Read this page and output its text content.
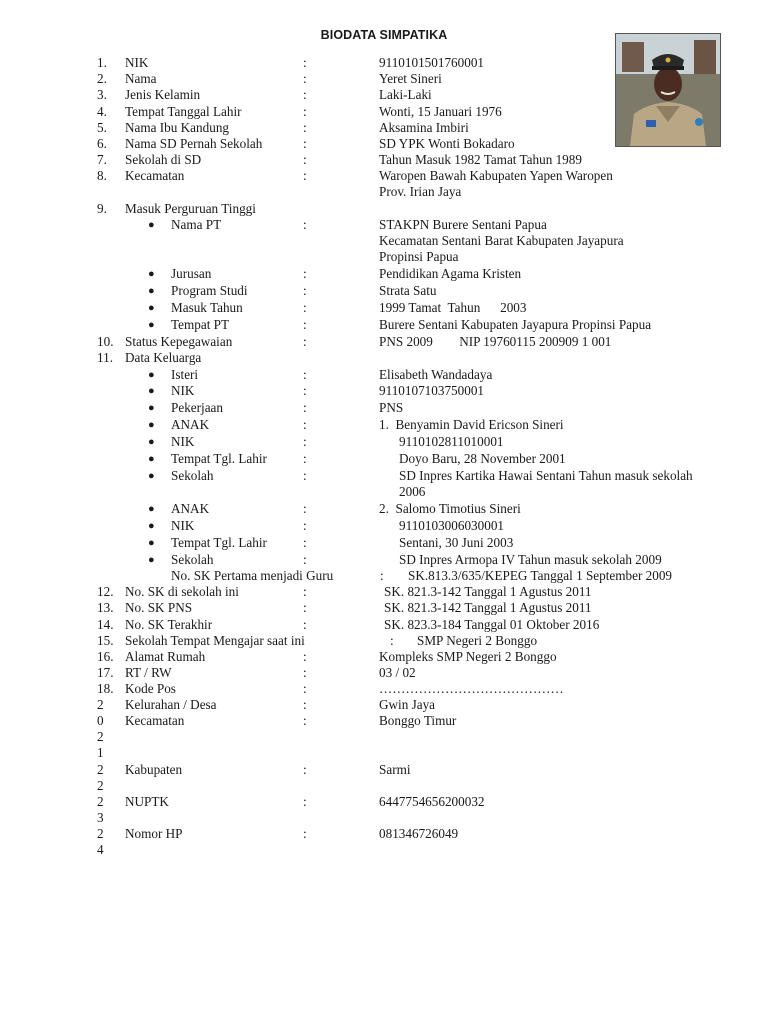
BIODATA SIMPATIKA
1. NIK	:	9110101501760001
2. Nama	:	Yeret Sineri
3. Jenis Kelamin	:	Laki-Laki
4. Tempat Tanggal Lahir	:	Wonti, 15 Januari 1976
5. Nama Ibu Kandung	:	Aksamina Imbiri
6. Nama SD Pernah Sekolah	:	SD YPK Wonti Bokadaro
7. Sekolah di SD	:	Tahun Masuk 1982 Tamat Tahun 1989
8. Kecamatan	:	Waropen Bawah Kabupaten Yapen Waropen
Prov. Irian Jaya
9. Masuk Perguruan Tinggi
● Nama PT	:	STAKPN Burere Sentani Papua
Kecamatan Sentani Barat Kabupaten Jayapura
Propinsi Papua
● Jurusan	:	Pendidikan Agama Kristen
● Program Studi	:	Strata Satu
● Masuk Tahun	:	1999 Tamat  Tahun      2003
● Tempat PT	:	Burere Sentani Kabupaten Jayapura Propinsi Papua
10. Status Kepegawaian	:	PNS 2009        NIP 19760115 200909 1 001
11. Data Keluarga
● Isteri	:	Elisabeth Wandadaya
● NIK	:	9110107103750001
● Pekerjaan	:	PNS
● ANAK	:	1.  Benyamin David Ericson Sineri
● NIK	:	9110102811010001
● Tempat Tgl. Lahir	:	Doyo Baru, 28 November 2001
● Sekolah	:	SD Inpres Kartika Hawai Sentani Tahun masuk sekolah
2006
● ANAK	:	2.  Salomo Timotius Sineri
● NIK	:	9110103006030001
● Tempat Tgl. Lahir	:	Sentani, 30 Juni 2003
● Sekolah	:	SD Inpres Armopa IV Tahun masuk sekolah 2009
No. SK Pertama menjadi Guru	: SK.813.3/635/KEPEG Tanggal 1 September 2009
12. No. SK di sekolah ini	:	SK. 821.3-142 Tanggal 1 Agustus 2011
13. No. SK PNS	:	SK. 821.3-142 Tanggal 1 Agustus 2011
14. No. SK Terakhir	:	SK. 823.3-184 Tanggal 01 Oktober 2016
15. Sekolah Tempat Mengajar saat ini	: SMP Negeri 2 Bonggo
16. Alamat Rumah	:	Kompleks SMP Negeri 2 Bonggo
17. RT / RW	:	03 / 02
18. Kode Pos	:	……………………………………
2 Kelurahan / Desa	:	Gwin Jaya
0 Kecamatan	:	Bonggo Timur
2
1
2 Kabupaten	:	Sarmi
2
2 NUPTK	:	6447754656200032
3
2 Nomor HP	:	081346726049
4
